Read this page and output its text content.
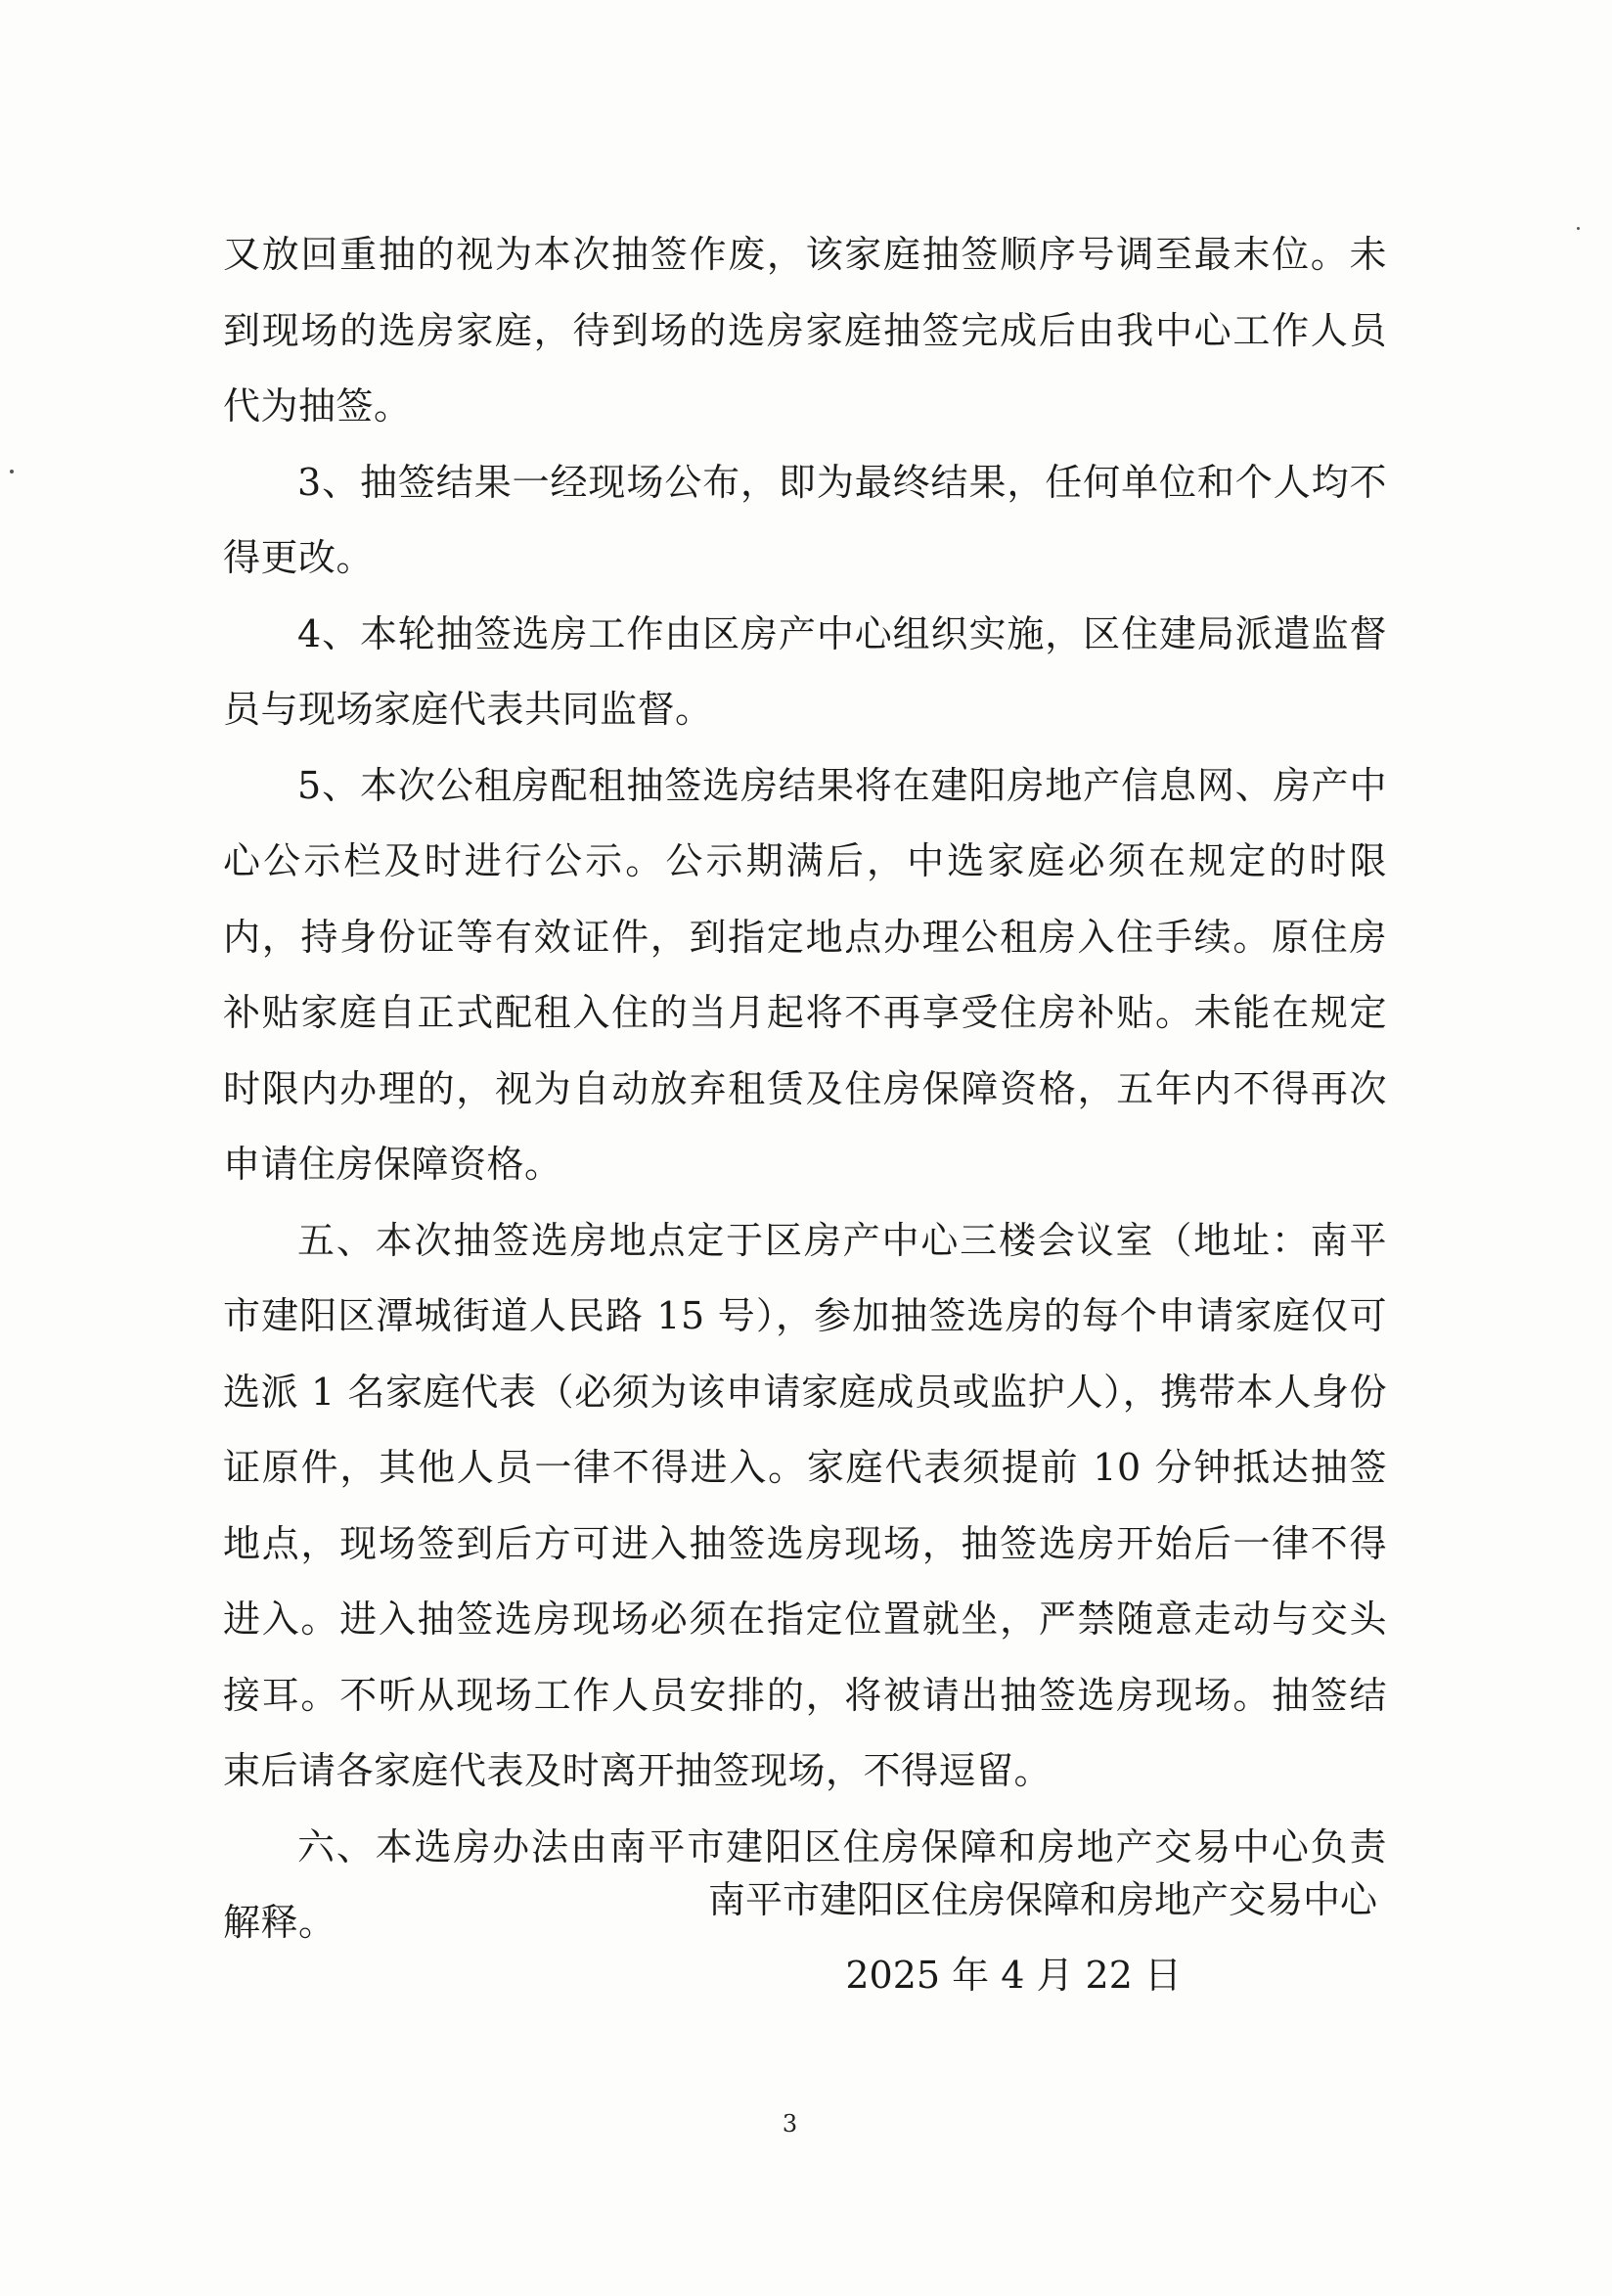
又放回重抽的视为本次抽签作废，该家庭抽签顺序号调至最末位。未到现场的选房家庭，待到场的选房家庭抽签完成后由我中心工作人员代为抽签。

3、抽签结果一经现场公布，即为最终结果，任何单位和个人均不得更改。

4、本轮抽签选房工作由区房产中心组织实施，区住建局派遣监督员与现场家庭代表共同监督。

5、本次公租房配租抽签选房结果将在建阳房地产信息网、房产中心公示栏及时进行公示。公示期满后，中选家庭必须在规定的时限内，持身份证等有效证件，到指定地点办理公租房入住手续。原住房补贴家庭自正式配租入住的当月起将不再享受住房补贴。未能在规定时限内办理的，视为自动放弃租赁及住房保障资格，五年内不得再次申请住房保障资格。

五、本次抽签选房地点定于区房产中心三楼会议室（地址：南平市建阳区潭城街道人民路 15 号），参加抽签选房的每个申请家庭仅可选派 1 名家庭代表（必须为该申请家庭成员或监护人），携带本人身份证原件，其他人员一律不得进入。家庭代表须提前 10 分钟抵达抽签地点，现场签到后方可进入抽签选房现场，抽签选房开始后一律不得进入。进入抽签选房现场必须在指定位置就坐，严禁随意走动与交头接耳。不听从现场工作人员安排的，将被请出抽签选房现场。抽签结束后请各家庭代表及时离开抽签现场，不得逗留。

六、本选房办法由南平市建阳区住房保障和房地产交易中心负责解释。

南平市建阳区住房保障和房地产交易中心
2025 年 4 月 22 日
3
